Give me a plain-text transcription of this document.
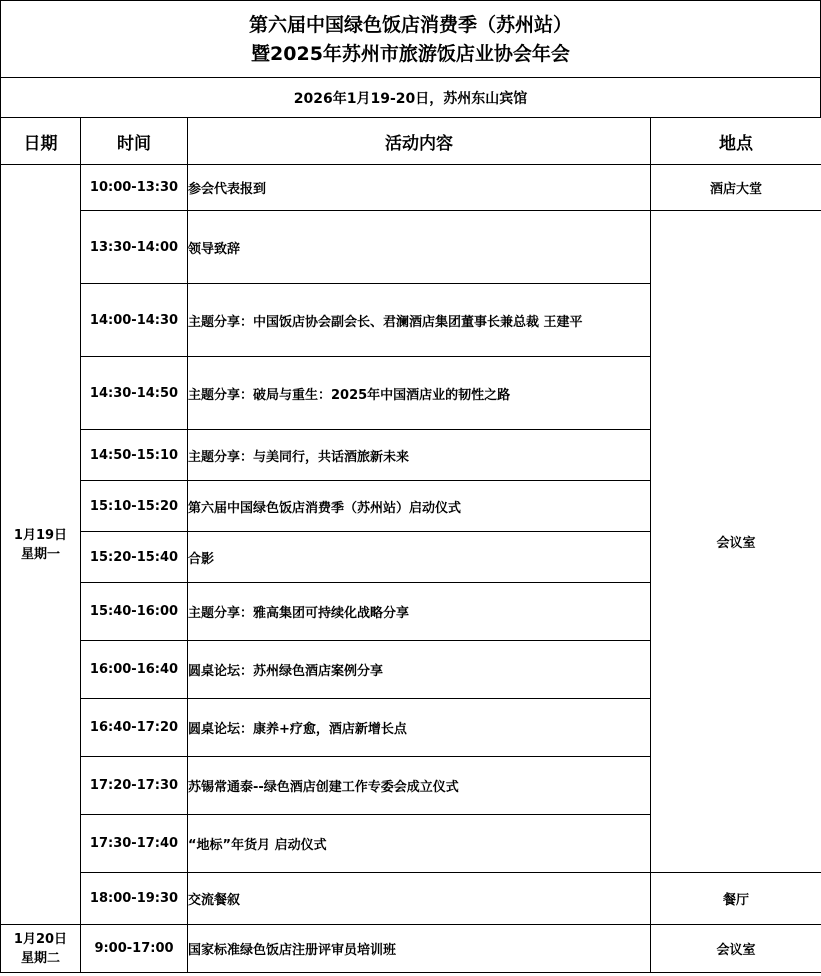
第六届中国绿色饭店消费季（苏州站）
暨2025年苏州市旅游饭店业协会年会
2026年1月19-20日，苏州东山宾馆
日期	时间	活动内容	地点

1月19日
星期一	10:00-13:30	参会代表报到	酒店大堂
	13:30-14:00	领导致辞	会议室
	14:00-14:30	主题分享：中国饭店协会副会长、君澜酒店集团董事长兼总裁 王建平	
	14:30-14:50	主题分享：破局与重生：2025年中国酒店业的韧性之路	
	14:50-15:10	主题分享：与美同行，共话酒旅新未来	
	15:10-15:20	第六届中国绿色饭店消费季（苏州站）启动仪式	
	15:20-15:40	合影	
	15:40-16:00	主题分享：雅高集团可持续化战略分享	
	16:00-16:40	圆桌论坛：苏州绿色酒店案例分享	
	16:40-17:20	圆桌论坛：康养+疗愈，酒店新增长点	
	17:20-17:30	苏锡常通泰--绿色酒店创建工作专委会成立仪式	
	17:30-17:40	“地标”年货月 启动仪式	
	18:00-19:30	交流餐叙	餐厅

1月20日
星期二	9:00-17:00	国家标准绿色饭店注册评审员培训班	会议室
